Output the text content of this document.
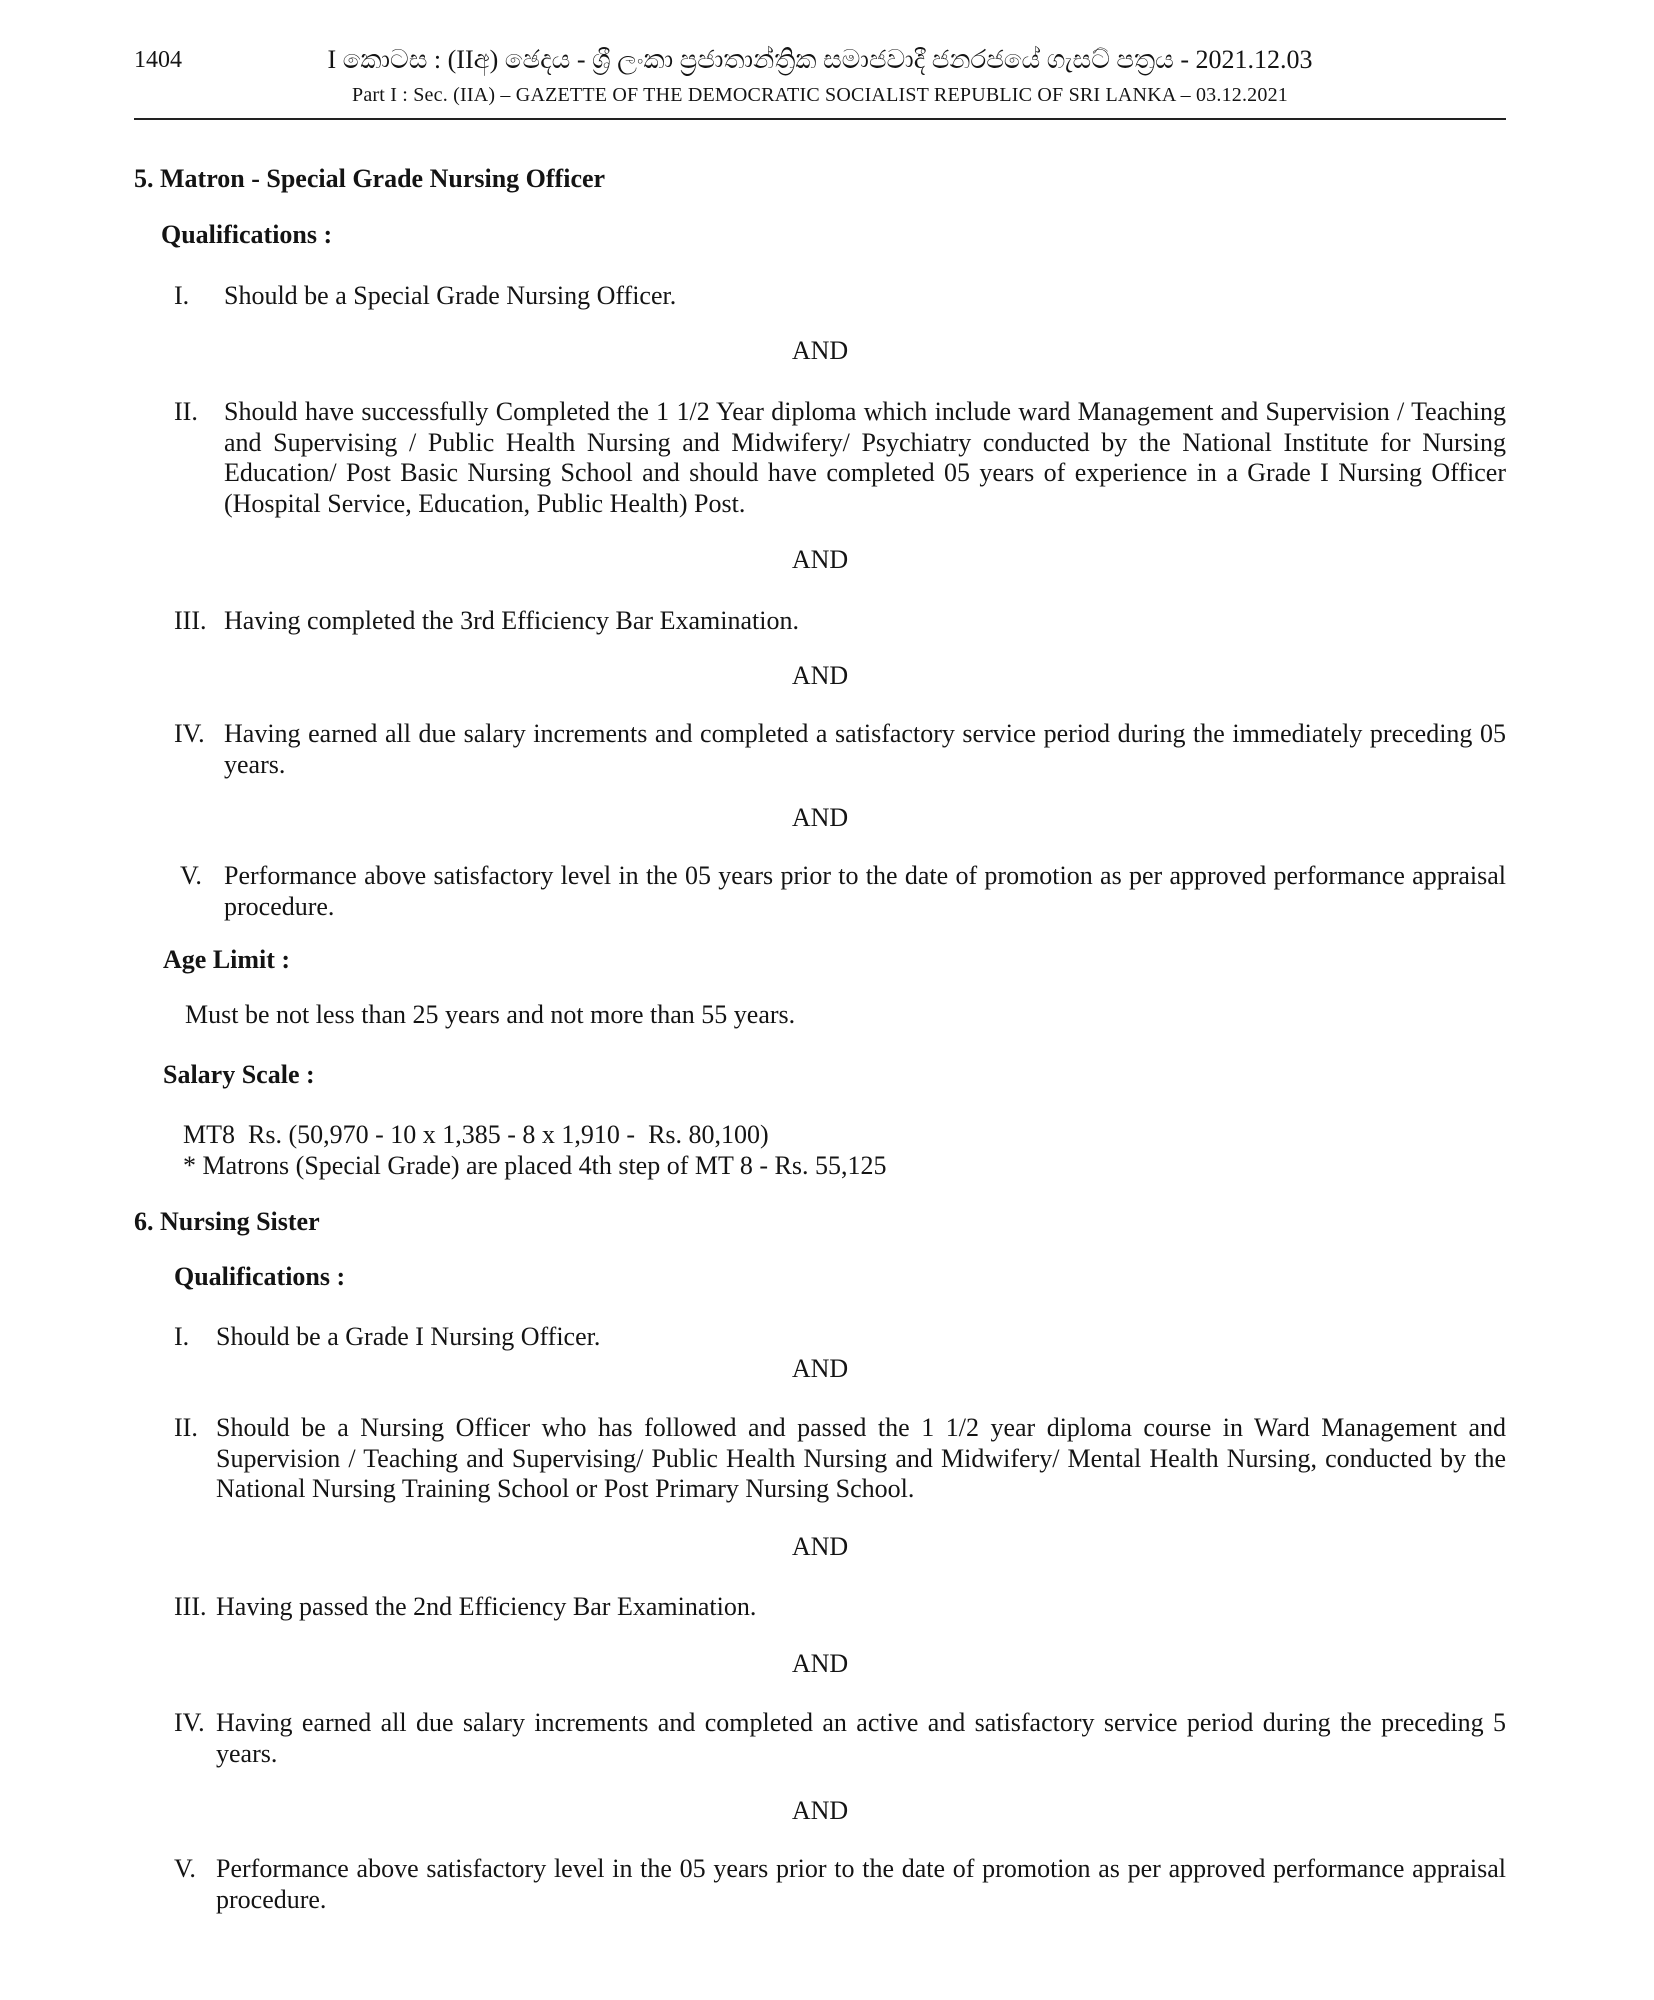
1404	I කොටස : (IIඅ) ඡෙදය - ශ්‍රී ලංකා ප්‍රජාතාන්ත්‍රික සමාජවාදී ජනරජයේ ගැසට් පත්‍රය - 2021.12.03
Part I : Sec. (IIA) – GAZETTE OF THE DEMOCRATIC SOCIALIST REPUBLIC OF SRI LANKA – 03.12.2021
5. Matron - Special Grade Nursing Officer
Qualifications :
I. Should be a Special Grade Nursing Officer.
AND
II. Should have successfully Completed the 1 1/2 Year diploma which include ward Management and Supervision / Teaching and Supervising / Public Health Nursing and Midwifery/ Psychiatry conducted by the National Institute for Nursing Education/ Post Basic Nursing School and should have completed 05 years of experience in a Grade I Nursing Officer (Hospital Service, Education, Public Health) Post.
AND
III. Having completed the 3rd Efficiency Bar Examination.
AND
IV. Having earned all due salary increments and completed a satisfactory service period during the immediately preceding 05 years.
AND
V. Performance above satisfactory level in the 05 years prior to the date of promotion as per approved performance appraisal procedure.
Age Limit :
Must be not less than 25 years and not more than 55 years.
Salary Scale :
MT8  Rs. (50,970 - 10 x 1,385 - 8 x 1,910 -  Rs. 80,100)
* Matrons (Special Grade) are placed 4th step of MT 8 - Rs. 55,125
6. Nursing Sister
Qualifications :
I. Should be a Grade I Nursing Officer.
AND
II. Should be a Nursing Officer who has followed and passed the 1 1/2 year diploma course in Ward Management and Supervision / Teaching and Supervising/ Public Health Nursing and Midwifery/ Mental Health Nursing, conducted by the National Nursing Training School or Post Primary Nursing School.
AND
III. Having passed the 2nd Efficiency Bar Examination.
AND
IV. Having earned all due salary increments and completed an active and satisfactory service period during the preceding 5 years.
AND
V. Performance above satisfactory level in the 05 years prior to the date of promotion as per approved performance appraisal procedure.
